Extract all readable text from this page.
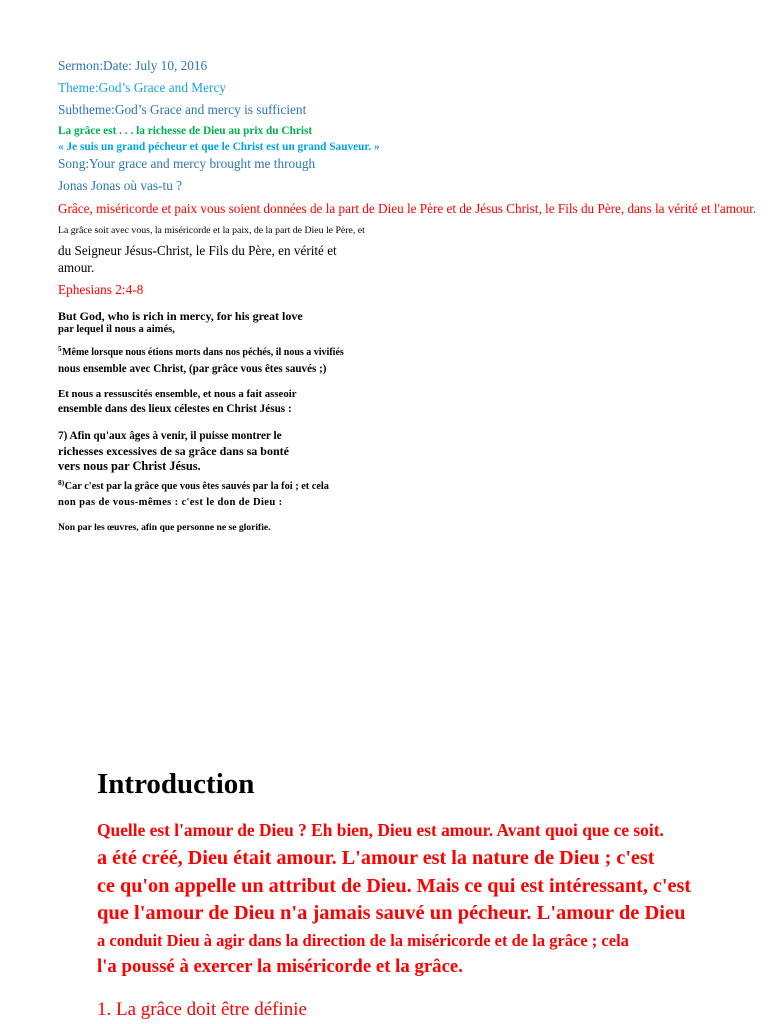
Sermon:Date: July 10, 2016

Theme:God’s Grace and Mercy

Subtheme:God’s Grace and mercy is sufficient

La grâce est . . . la richesse de Dieu au prix du Christ

« Je suis un grand pécheur et que le Christ est un grand Sauveur. »

Song:Your grace and mercy brought me through

Jonas Jonas où vas-tu ?

Grâce, miséricorde et paix vous soient données de la part de Dieu le Père et de Jésus Christ, le Fils du Père, dans la vérité et l'amour.

La grâce soit avec vous, la miséricorde et la paix, de la part de Dieu le Père, et

du Seigneur Jésus-Christ, le Fils du Père, en vérité et

amour.

Ephesians 2:4-8

But God, who is rich in mercy, for his great love

par lequel il nous a aimés,

$^5$Même lorsque nous étions morts dans nos péchés, il nous a vivifiés

nous ensemble avec Christ, (par grâce vous êtes sauvés ;)

Et nous a ressuscités ensemble, et nous a fait asseoir

ensemble dans des lieux célestes en Christ Jésus :

7) Afin qu'aux âges à venir, il puisse montrer le

richesses excessives de sa grâce dans sa bonté

vers nous par Christ Jésus.

$^{8)}$Car c'est par la grâce que vous êtes sauvés par la foi ; et cela

non pas de vous-mêmes : c'est le don de Dieu :

Non par les œuvres, afin que personne ne se glorifie.

Introduction

Quelle est l'amour de Dieu ? Eh bien, Dieu est amour. Avant quoi que ce soit.

a été créé, Dieu était amour. L'amour est la nature de Dieu ; c'est

ce qu'on appelle un attribut de Dieu. Mais ce qui est intéressant, c'est

que l'amour de Dieu n'a jamais sauvé un pécheur. L'amour de Dieu

a conduit Dieu à agir dans la direction de la miséricorde et de la grâce ; cela

l'a poussé à exercer la miséricorde et la grâce.

1. La grâce doit être définie
